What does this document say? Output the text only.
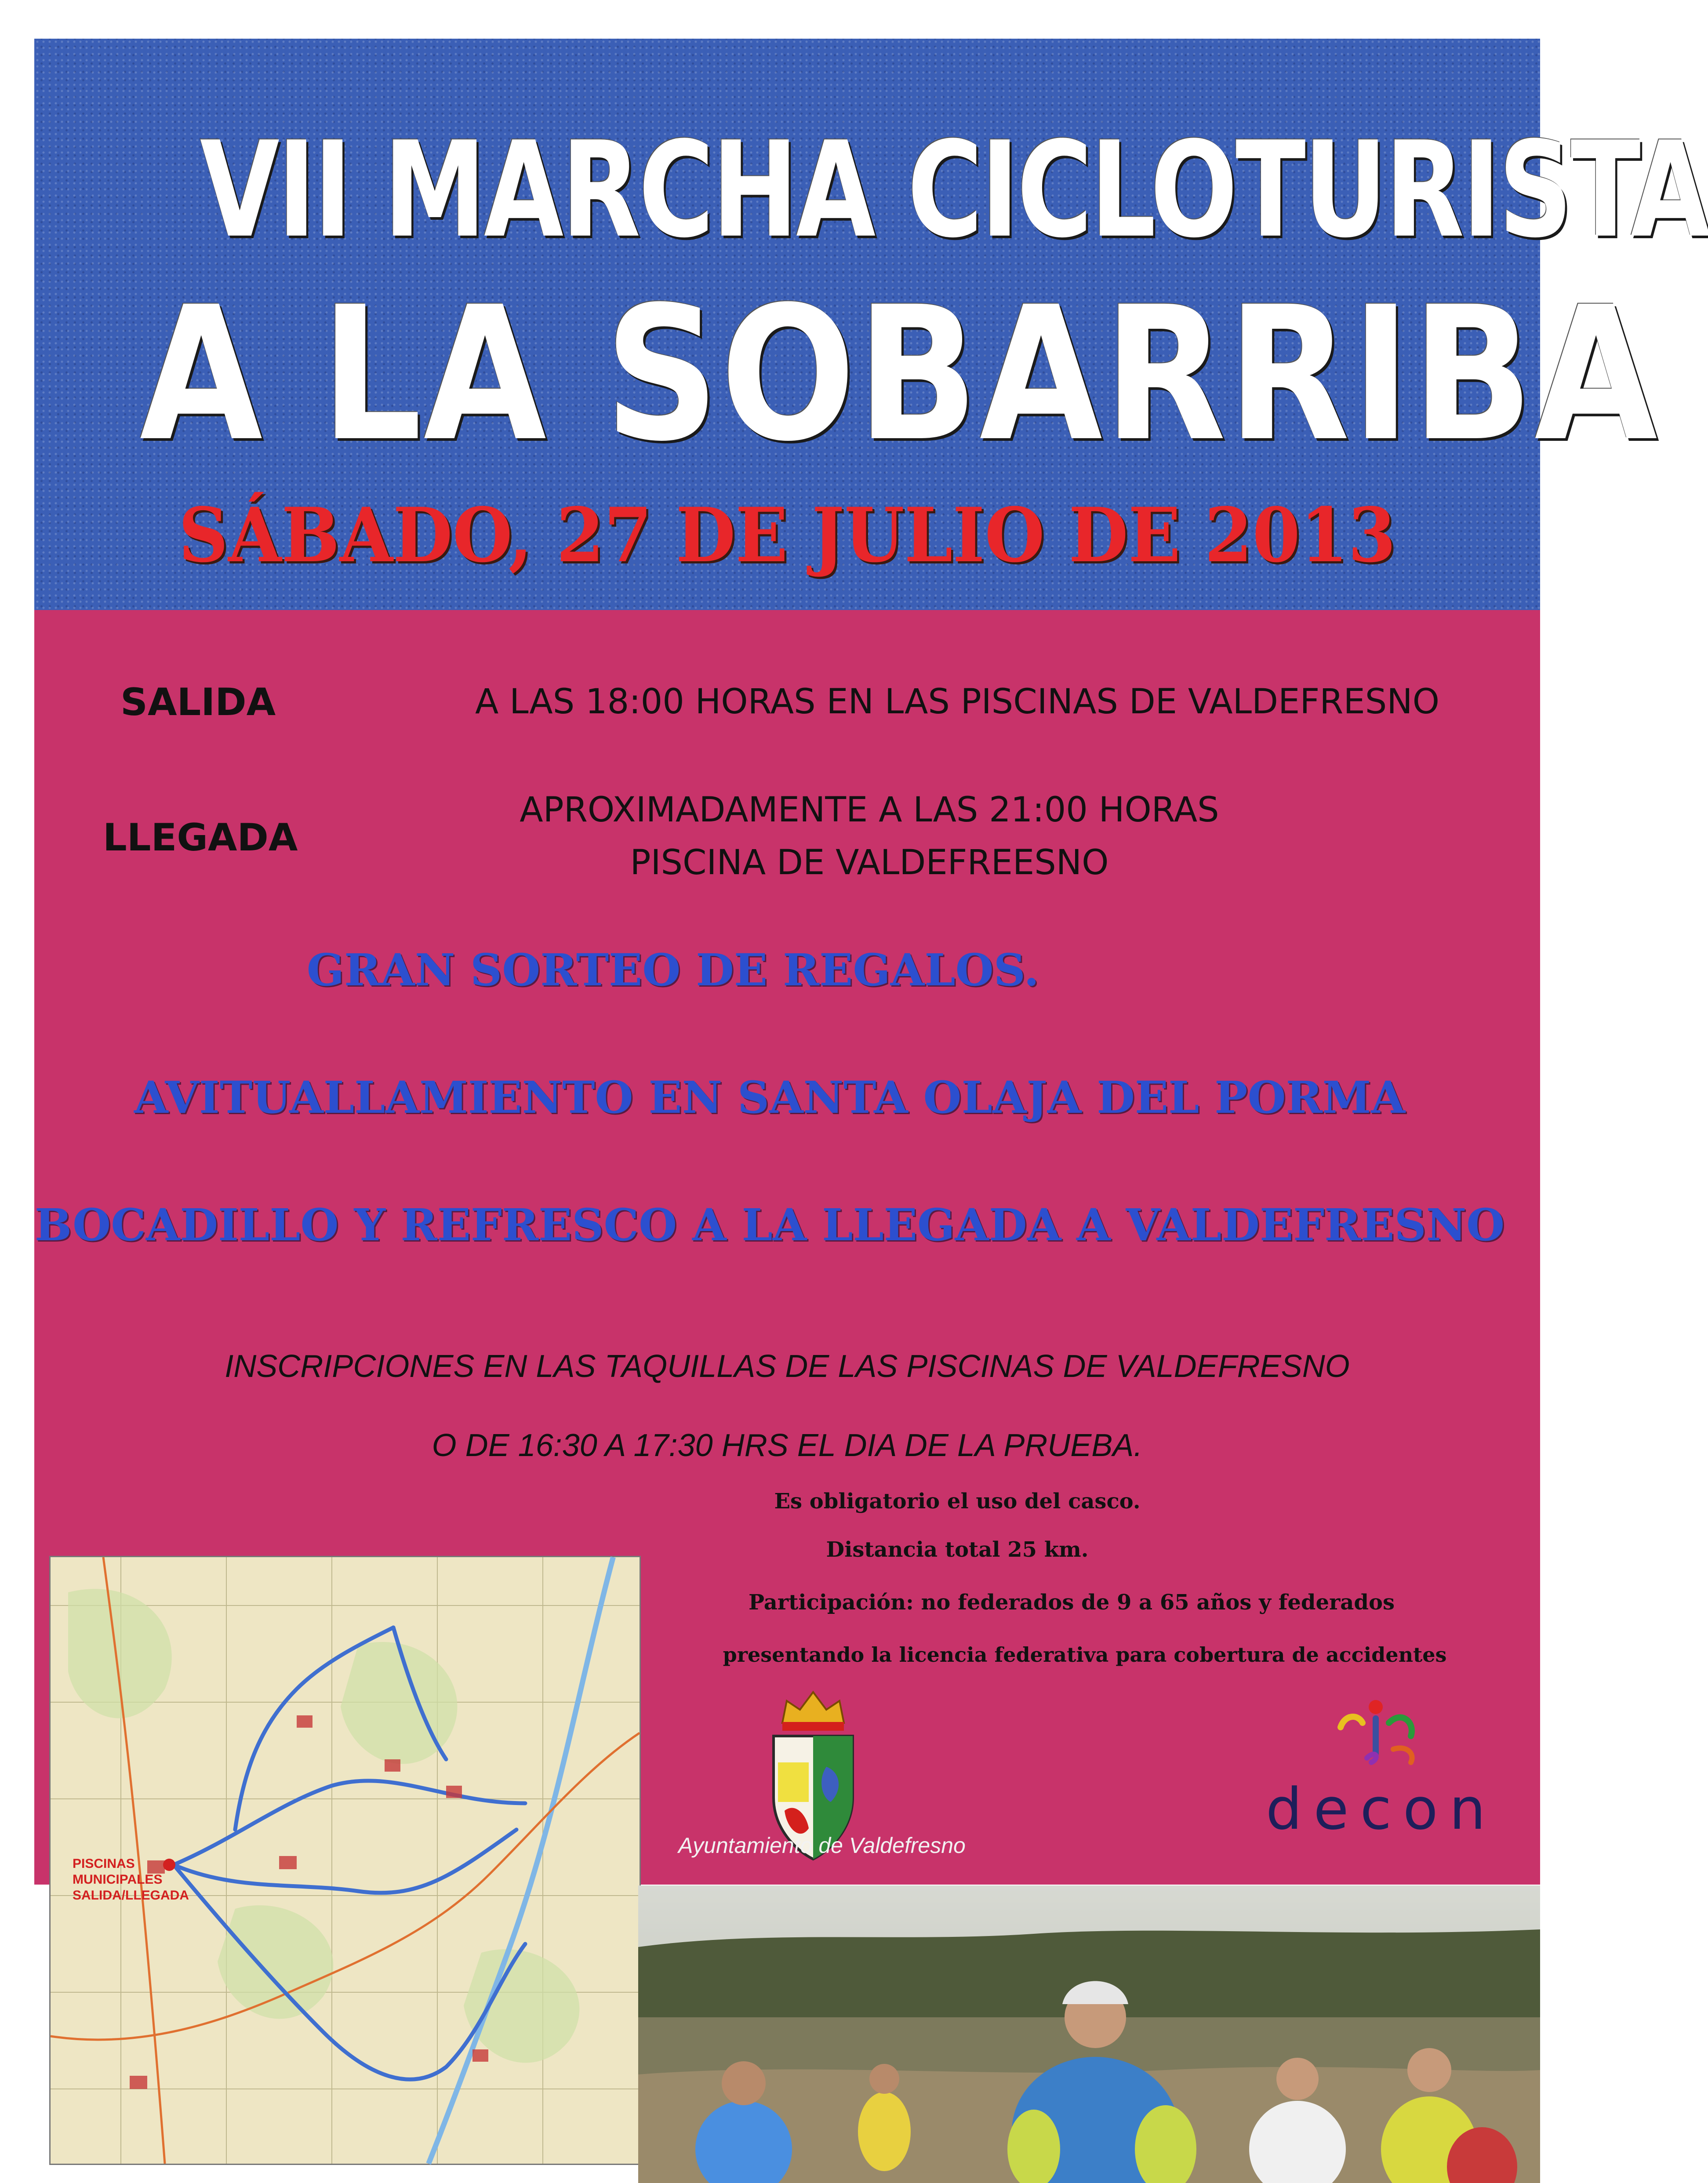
VII MARCHA CICLOTURISTA
A LA SOBARRIBA
SÁBADO, 27 DE JULIO DE 2013
SALIDA	A LAS 18:00 HORAS EN LAS PISCINAS DE VALDEFRESNO
LLEGADA
APROXIMADAMENTE A LAS 21:00 HORAS
PISCINA DE VALDEFREESNO
GRAN SORTEO DE REGALOS.
AVITUALLAMIENTO EN SANTA OLAJA DEL PORMA
BOCADILLO Y REFRESCO A LA LLEGADA A VALDEFRESNO
INSCRIPCIONES EN LAS TAQUILLAS DE LAS PISCINAS DE VALDEFRESNO
O DE 16:30 A 17:30 HRS EL DIA DE LA PRUEBA.
Es obligatorio el uso del casco.
Distancia total 25 km.
Participación: no federados de 9 a 65 años y federados
presentando la licencia federativa para cobertura de accidentes
PISCINAS
MUNICIPALES
SALIDA/LLEGADA
Ayuntamiento de Valdefresno
decon
